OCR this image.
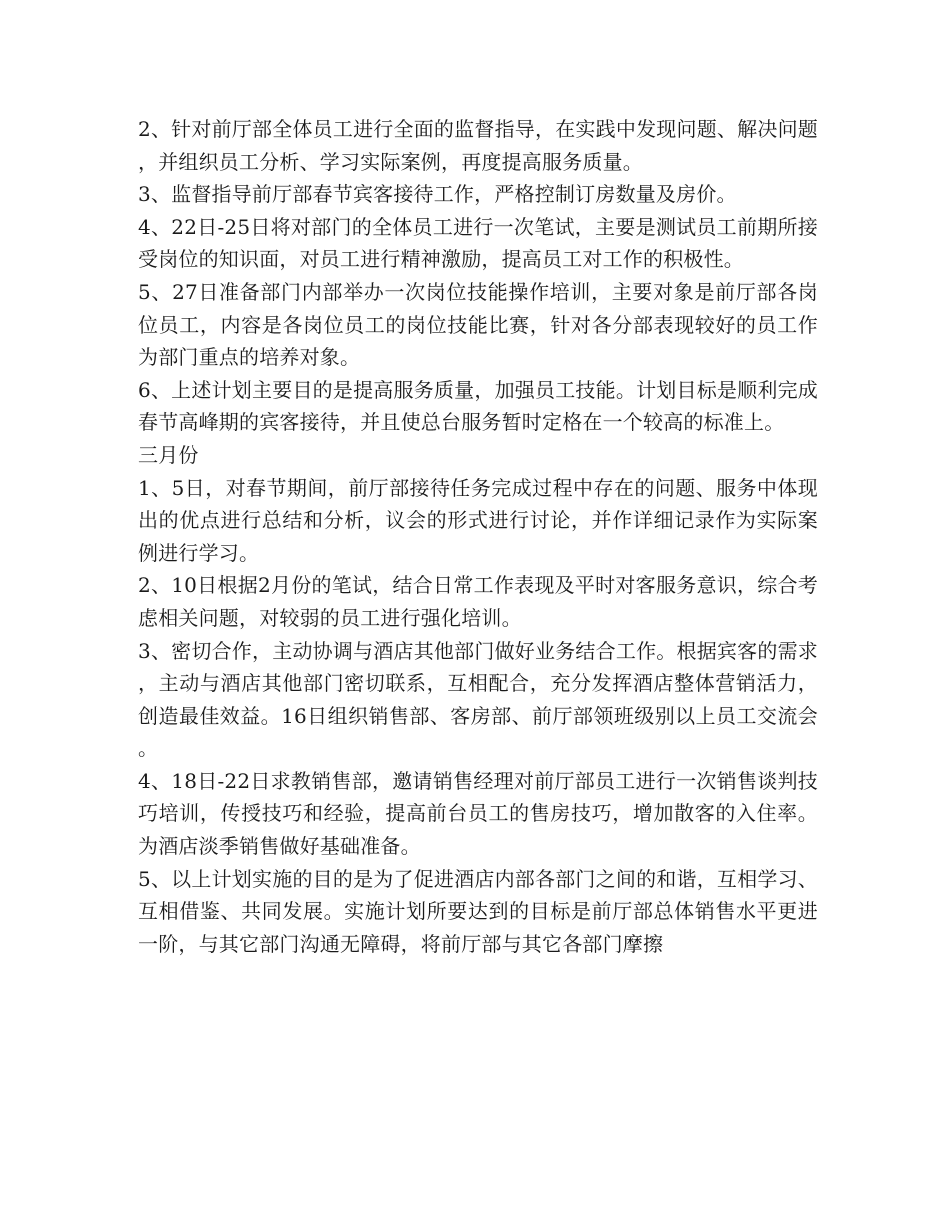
2、针对前厅部全体员工进行全面的监督指导，在实践中发现问题、解决问题，并组织员工分析、学习实际案例，再度提高服务质量。

3、监督指导前厅部春节宾客接待工作，严格控制订房数量及房价。

4、22日-25日将对部门的全体员工进行一次笔试，主要是测试员工前期所接受岗位的知识面，对员工进行精神激励，提高员工对工作的积极性。

5、27日准备部门内部举办一次岗位技能操作培训，主要对象是前厅部各岗位员工，内容是各岗位员工的岗位技能比赛，针对各分部表现较好的员工作为部门重点的培养对象。

6、上述计划主要目的是提高服务质量，加强员工技能。计划目标是顺利完成春节高峰期的宾客接待，并且使总台服务暂时定格在一个较高的标准上。

三月份

1、5日，对春节期间，前厅部接待任务完成过程中存在的问题、服务中体现出的优点进行总结和分析，议会的形式进行讨论，并作详细记录作为实际案例进行学习。

2、10日根据2月份的笔试，结合日常工作表现及平时对客服务意识，综合考虑相关问题，对较弱的员工进行强化培训。

3、密切合作，主动协调与酒店其他部门做好业务结合工作。根据宾客的需求，主动与酒店其他部门密切联系，互相配合，充分发挥酒店整体营销活力，创造最佳效益。16日组织销售部、客房部、前厅部领班级别以上员工交流会。

4、18日-22日求教销售部，邀请销售经理对前厅部员工进行一次销售谈判技巧培训，传授技巧和经验，提高前台员工的售房技巧，增加散客的入住率。为酒店淡季销售做好基础准备。

5、以上计划实施的目的是为了促进酒店内部各部门之间的和谐，互相学习、互相借鉴、共同发展。实施计划所要达到的目标是前厅部总体销售水平更进一阶，与其它部门沟通无障碍，将前厅部与其它各部门摩擦
